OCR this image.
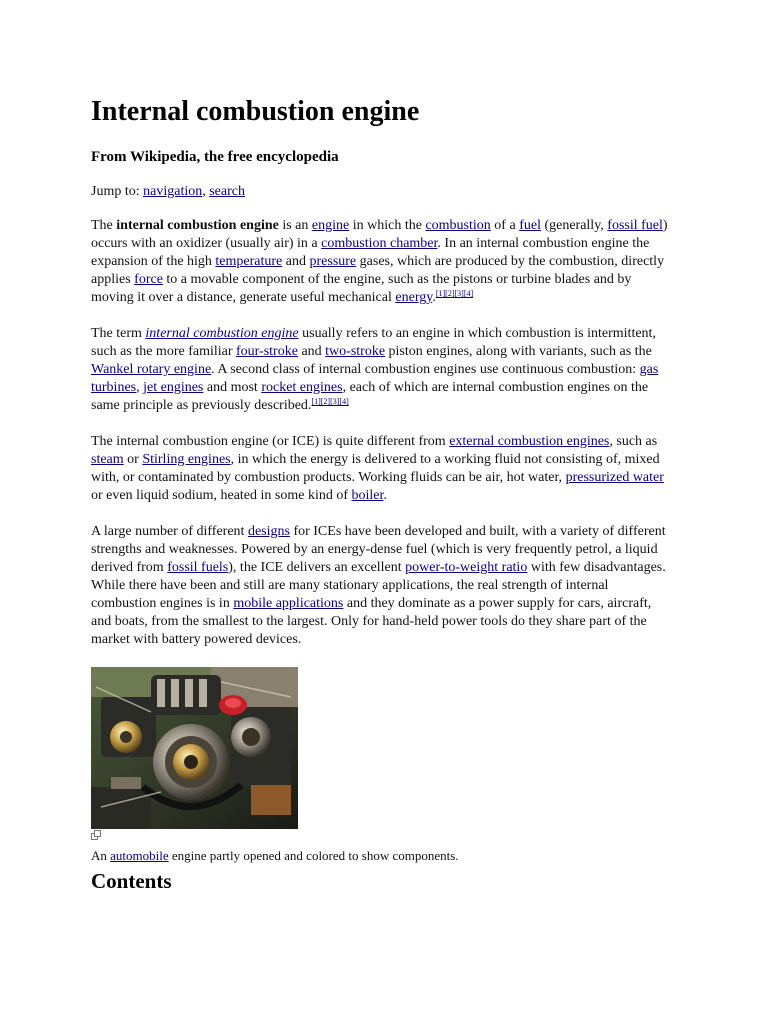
Internal combustion engine
From Wikipedia, the free encyclopedia
Jump to: navigation, search

The internal combustion engine is an engine in which the combustion of a fuel (generally, fossil fuel) occurs with an oxidizer (usually air) in a combustion chamber. In an internal combustion engine the expansion of the high temperature and pressure gases, which are produced by the combustion, directly applies force to a movable component of the engine, such as the pistons or turbine blades and by moving it over a distance, generate useful mechanical energy.[1][2][3][4]

The term internal combustion engine usually refers to an engine in which combustion is intermittent, such as the more familiar four-stroke and two-stroke piston engines, along with variants, such as the Wankel rotary engine. A second class of internal combustion engines use continuous combustion: gas turbines, jet engines and most rocket engines, each of which are internal combustion engines on the same principle as previously described.[1][2][3][4]

The internal combustion engine (or ICE) is quite different from external combustion engines, such as steam or Stirling engines, in which the energy is delivered to a working fluid not consisting of, mixed with, or contaminated by combustion products. Working fluids can be air, hot water, pressurized water or even liquid sodium, heated in some kind of boiler.

A large number of different designs for ICEs have been developed and built, with a variety of different strengths and weaknesses. Powered by an energy-dense fuel (which is very frequently petrol, a liquid derived from fossil fuels), the ICE delivers an excellent power-to-weight ratio with few disadvantages. While there have been and still are many stationary applications, the real strength of internal combustion engines is in mobile applications and they dominate as a power supply for cars, aircraft, and boats, from the smallest to the largest. Only for hand-held power tools do they share part of the market with battery powered devices.

An automobile engine partly opened and colored to show components.
Contents
